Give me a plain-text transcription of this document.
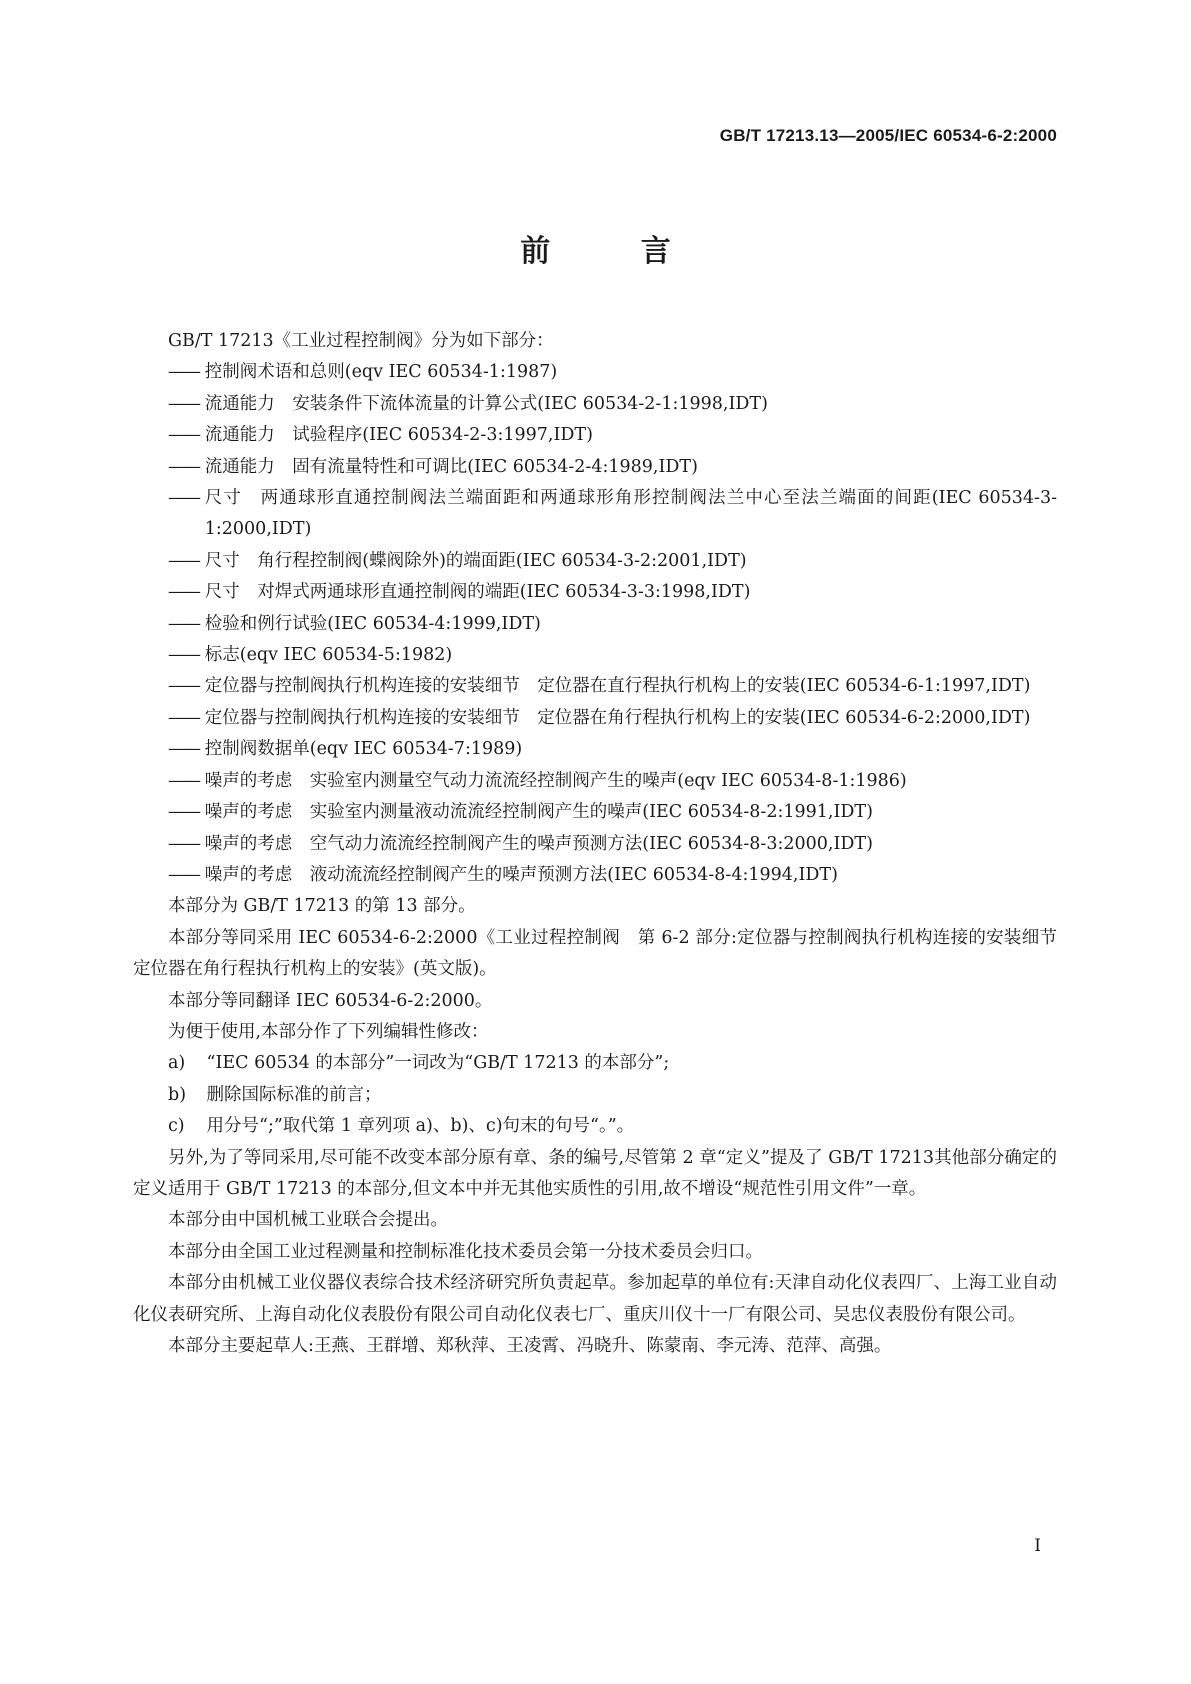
GB/T 17213.13—2005/IEC 60534-6-2:2000
前 言

GB/T 17213《工业过程控制阀》分为如下部分：

—— 控制阀术语和总则(eqv IEC 60534-1:1987)

—— 流通能力　安装条件下流体流量的计算公式(IEC 60534-2-1:1998,IDT)

—— 流通能力　试验程序(IEC 60534-2-3:1997,IDT)

—— 流通能力　固有流量特性和可调比(IEC 60534-2-4:1989,IDT)

—— 尺寸　两通球形直通控制阀法兰端面距和两通球形角形控制阀法兰中心至法兰端面的间距(IEC 60534-3-1:2000,IDT)

—— 尺寸　角行程控制阀(蝶阀除外)的端面距(IEC 60534-3-2:2001,IDT)

—— 尺寸　对焊式两通球形直通控制阀的端距(IEC 60534-3-3:1998,IDT)

—— 检验和例行试验(IEC 60534-4:1999,IDT)

—— 标志(eqv IEC 60534-5:1982)

—— 定位器与控制阀执行机构连接的安装细节　定位器在直行程执行机构上的安装(IEC 60534-6-1:1997,IDT)

—— 定位器与控制阀执行机构连接的安装细节　定位器在角行程执行机构上的安装(IEC 60534-6-2:2000,IDT)

—— 控制阀数据单(eqv IEC 60534-7:1989)

—— 噪声的考虑　实验室内测量空气动力流流经控制阀产生的噪声(eqv IEC 60534-8-1:1986)

—— 噪声的考虑　实验室内测量液动流流经控制阀产生的噪声(IEC 60534-8-2:1991,IDT)

—— 噪声的考虑　空气动力流流经控制阀产生的噪声预测方法(IEC 60534-8-3:2000,IDT)

—— 噪声的考虑　液动流流经控制阀产生的噪声预测方法(IEC 60534-8-4:1994,IDT)

本部分为 GB/T 17213 的第 13 部分。

本部分等同采用 IEC 60534-6-2:2000《工业过程控制阀　第 6-2 部分:定位器与控制阀执行机构连接的安装细节　定位器在角行程执行机构上的安装》(英文版)。

本部分等同翻译 IEC 60534-6-2:2000。

为便于使用,本部分作了下列编辑性修改：

a) “IEC 60534 的本部分”一词改为“GB/T 17213 的本部分”;

b) 删除国际标准的前言；

c) 用分号“;”取代第 1 章列项 a)、b)、c)句末的句号“。”。

另外,为了等同采用,尽可能不改变本部分原有章、条的编号,尽管第 2 章“定义”提及了 GB/T 17213其他部分确定的定义适用于 GB/T 17213 的本部分,但文本中并无其他实质性的引用,故不增设“规范性引用文件”一章。

本部分由中国机械工业联合会提出。

本部分由全国工业过程测量和控制标准化技术委员会第一分技术委员会归口。

本部分由机械工业仪器仪表综合技术经济研究所负责起草。参加起草的单位有:天津自动化仪表四厂、上海工业自动化仪表研究所、上海自动化仪表股份有限公司自动化仪表七厂、重庆川仪十一厂有限公司、吴忠仪表股份有限公司。

本部分主要起草人:王燕、王群增、郑秋萍、王凌霄、冯晓升、陈蒙南、李元涛、范萍、高强。

I
